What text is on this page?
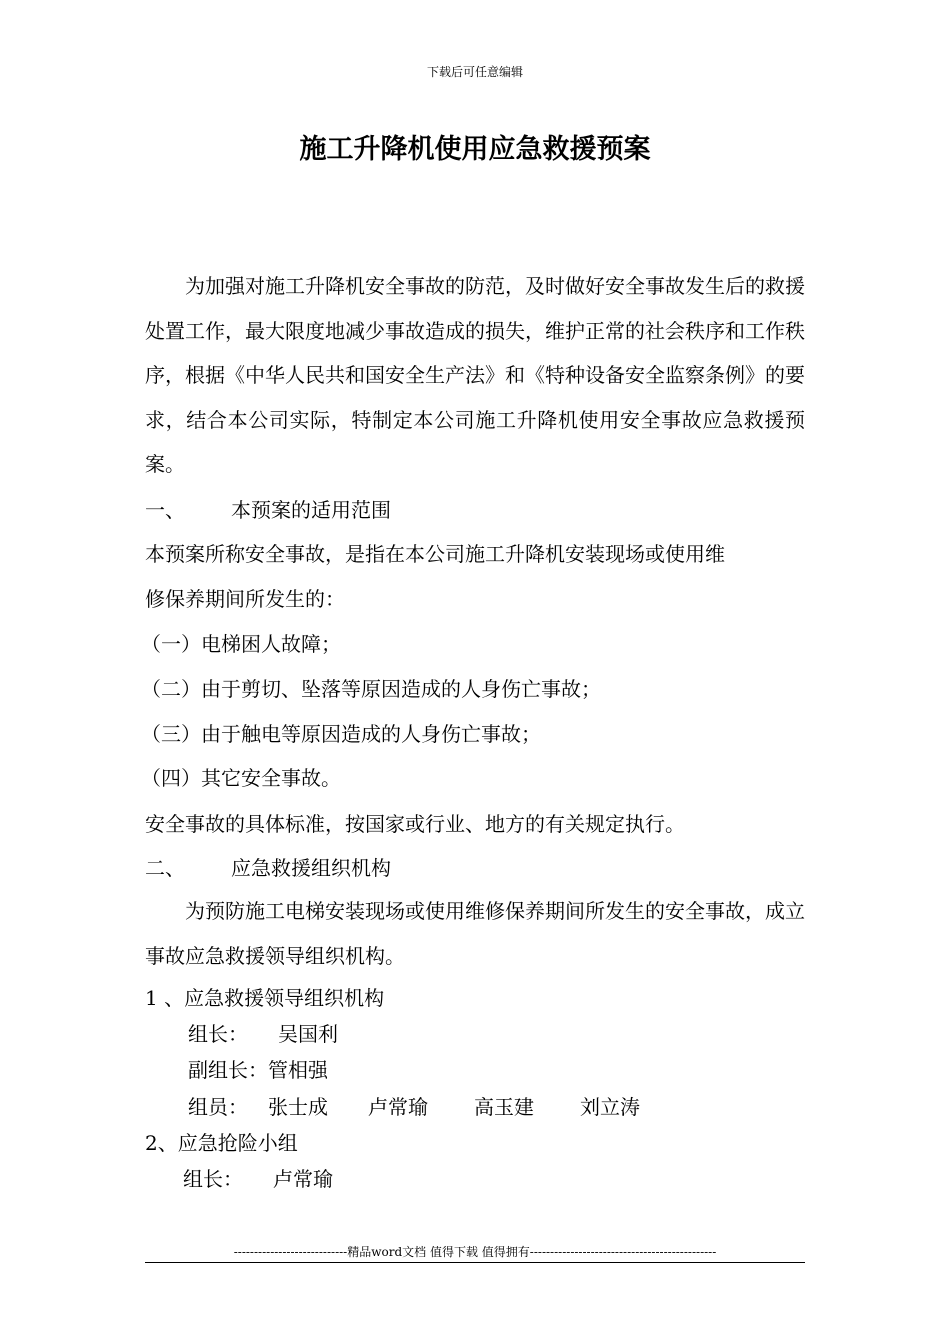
下载后可任意编辑
施工升降机使用应急救援预案

为加强对施工升降机安全事故的防范，及时做好安全事故发生后的救援处置工作，最大限度地减少事故造成的损失，维护正常的社会秩序和工作秩序，根据《中华人民共和国安全生产法》和《特种设备安全监察条例》的要求，结合本公司实际，特制定本公司施工升降机使用安全事故应急救援预案。

一、 本预案的适用范围
本预案所称安全事故，是指在本公司施工升降机安装现场或使用维
修保养期间所发生的：
（一）电梯困人故障；
（二）由于剪切、坠落等原因造成的人身伤亡事故；
（三）由于触电等原因造成的人身伤亡事故；
（四）其它安全事故。
安全事故的具体标准，按国家或行业、地方的有关规定执行。
二、 应急救援组织机构

为预防施工电梯安装现场或使用维修保养期间所发生的安全事故，成立事故应急救援领导组织机构。

1 、应急救援领导组织机构
组长： 吴国利
副组长：管相强
组员： 张士成 卢常瑜 高玉建 刘立涛
2、应急抢险小组
组长： 卢常瑜
----------------------------精品word文档 值得下载 值得拥有----------------------------------------------
